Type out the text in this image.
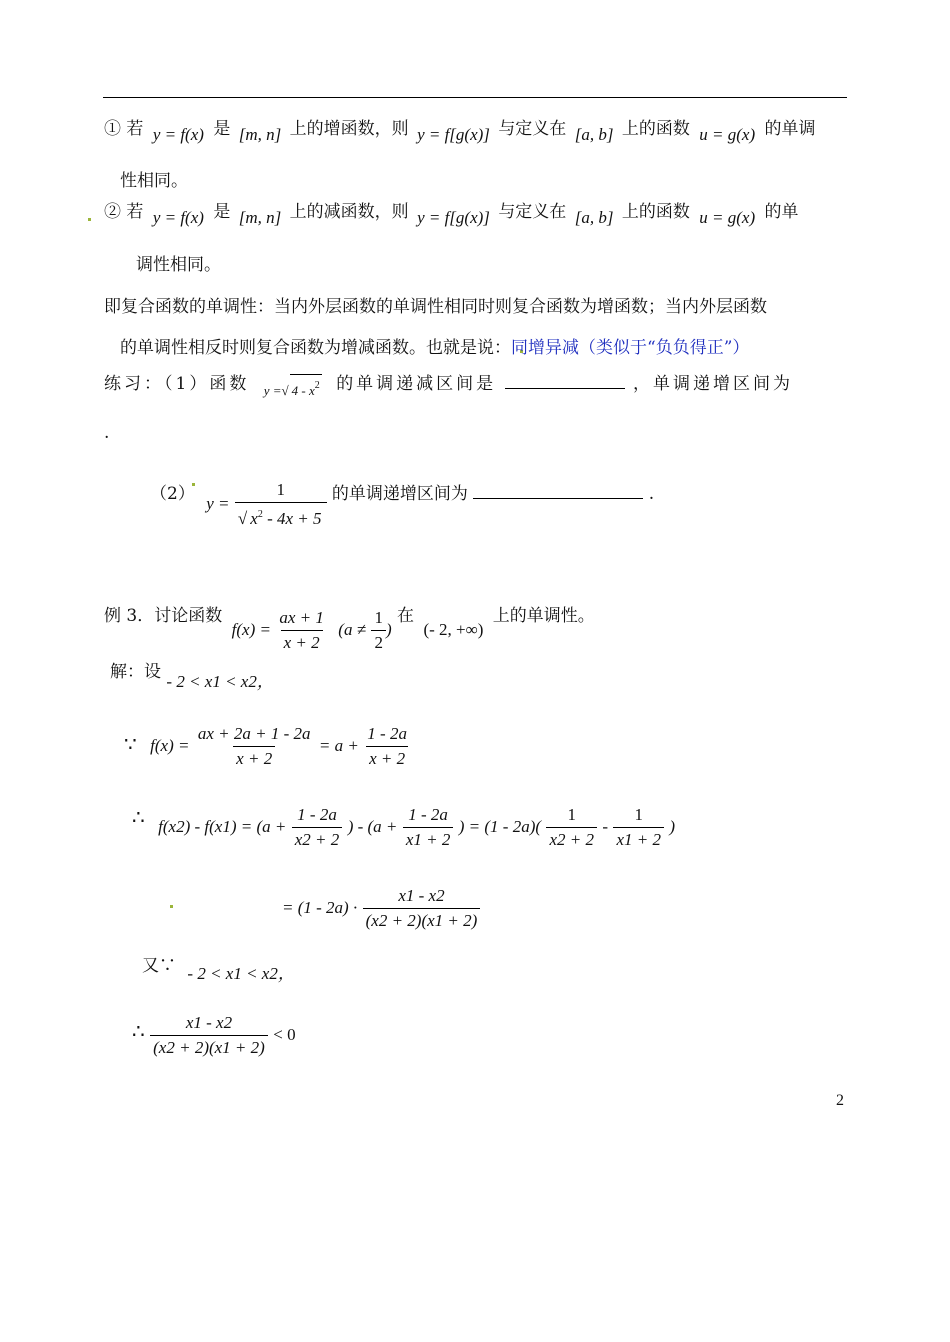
① 若 y = f(x) 是 [m, n] 上的增函数，则 y = f[g(x)] 与定义在 [a, b] 上的函数 u = g(x) 的单调
性相同。
② 若 y = f(x) 是 [m, n] 上的减函数，则 y = f[g(x)] 与定义在 [a, b] 上的函数 u = g(x) 的单
调性相同。
即复合函数的单调性：当内外层函数的单调性相同时则复合函数为增函数；当内外层函数
的单调性相反时则复合函数为增减函数。也就是说：同增异减（类似于“负负得正”）
练习：（1）函数 $_{y =√ 4 - x^2}$ 的单调递减区间是	，单调递增区间为
.
（2） $y = \frac{1}{√ x^2 - 4x + 5}$ 的单调递增区间为	.
例 3．讨论函数 $f(x) = \frac{ax + 1}{x + 2} (a \ne \frac{1}{2}$ ) 在 (- 2, +∞) 上的单调性。
解：设 - 2 < x1 < x2，
∵ $f(x) = \frac{ax + 2a + 1 - 2a}{x + 2} = a + \frac{1 - 2a}{x + 2}$
∴ $f(x2) - f(x1) = (a + \frac{1 - 2a}{x2 + 2}$ ) - ($a + \frac{1 - 2a}{x1 + 2}$ ) = $(1 - 2a)( \frac{1}{x2 + 2} - \frac{1}{x1 + 2}$ )
= $(1 - 2a) \cdot \frac{x1 - x2}{(x2 + 2)(x1 + 2)}$
又∵ - 2 < x1 < x2，
∴ $\frac{x1 - x2}{(x2 + 2)(x1 + 2)} < 0$
2
